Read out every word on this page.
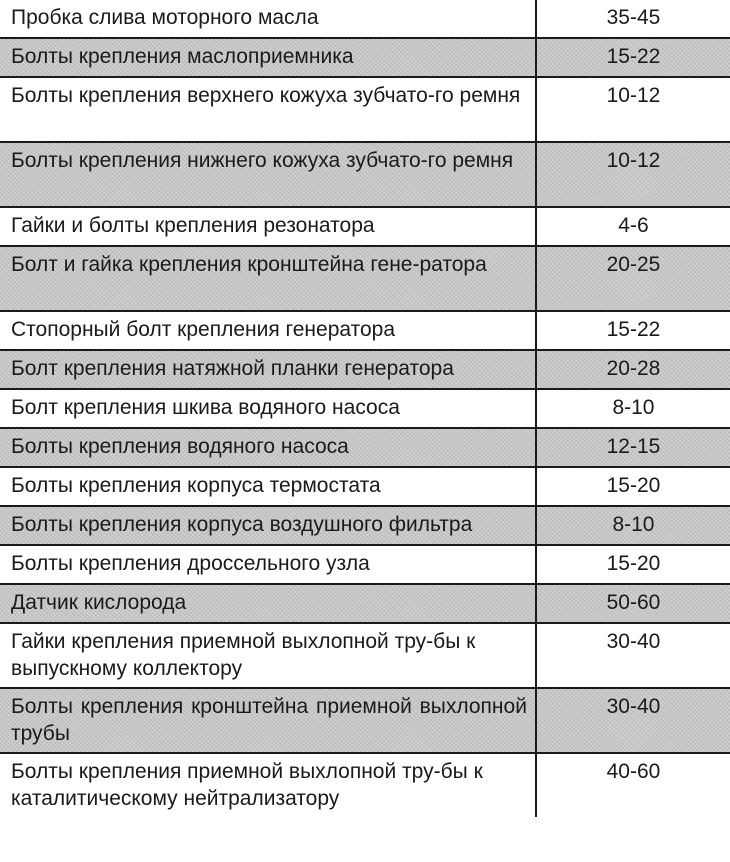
Пробка слива моторного масла	35-45
Болты крепления маслоприемника	15-22
Болты крепления верхнего кожуха зубчато-го ремня	10-12
Болты крепления нижнего кожуха зубчато-го ремня	10-12
Гайки и болты крепления резонатора	4-6
Болт и гайка крепления кронштейна гене-ратора	20-25
Стопорный болт крепления генератора	15-22
Болт крепления натяжной планки генератора	20-28
Болт крепления шкива водяного насоса	8-10
Болты крепления водяного насоса	12-15
Болты крепления корпуса термостата	15-20
Болты крепления корпуса воздушного фильтра	8-10
Болты крепления дроссельного узла	15-20
Датчик кислорода	50-60
Гайки крепления приемной выхлопной тру-бы к выпускному коллектору	30-40
Болты крепления кронштейна приемной выхлопной трубы	30-40
Болты крепления приемной выхлопной тру-бы к каталитическому нейтрализатору	40-60
